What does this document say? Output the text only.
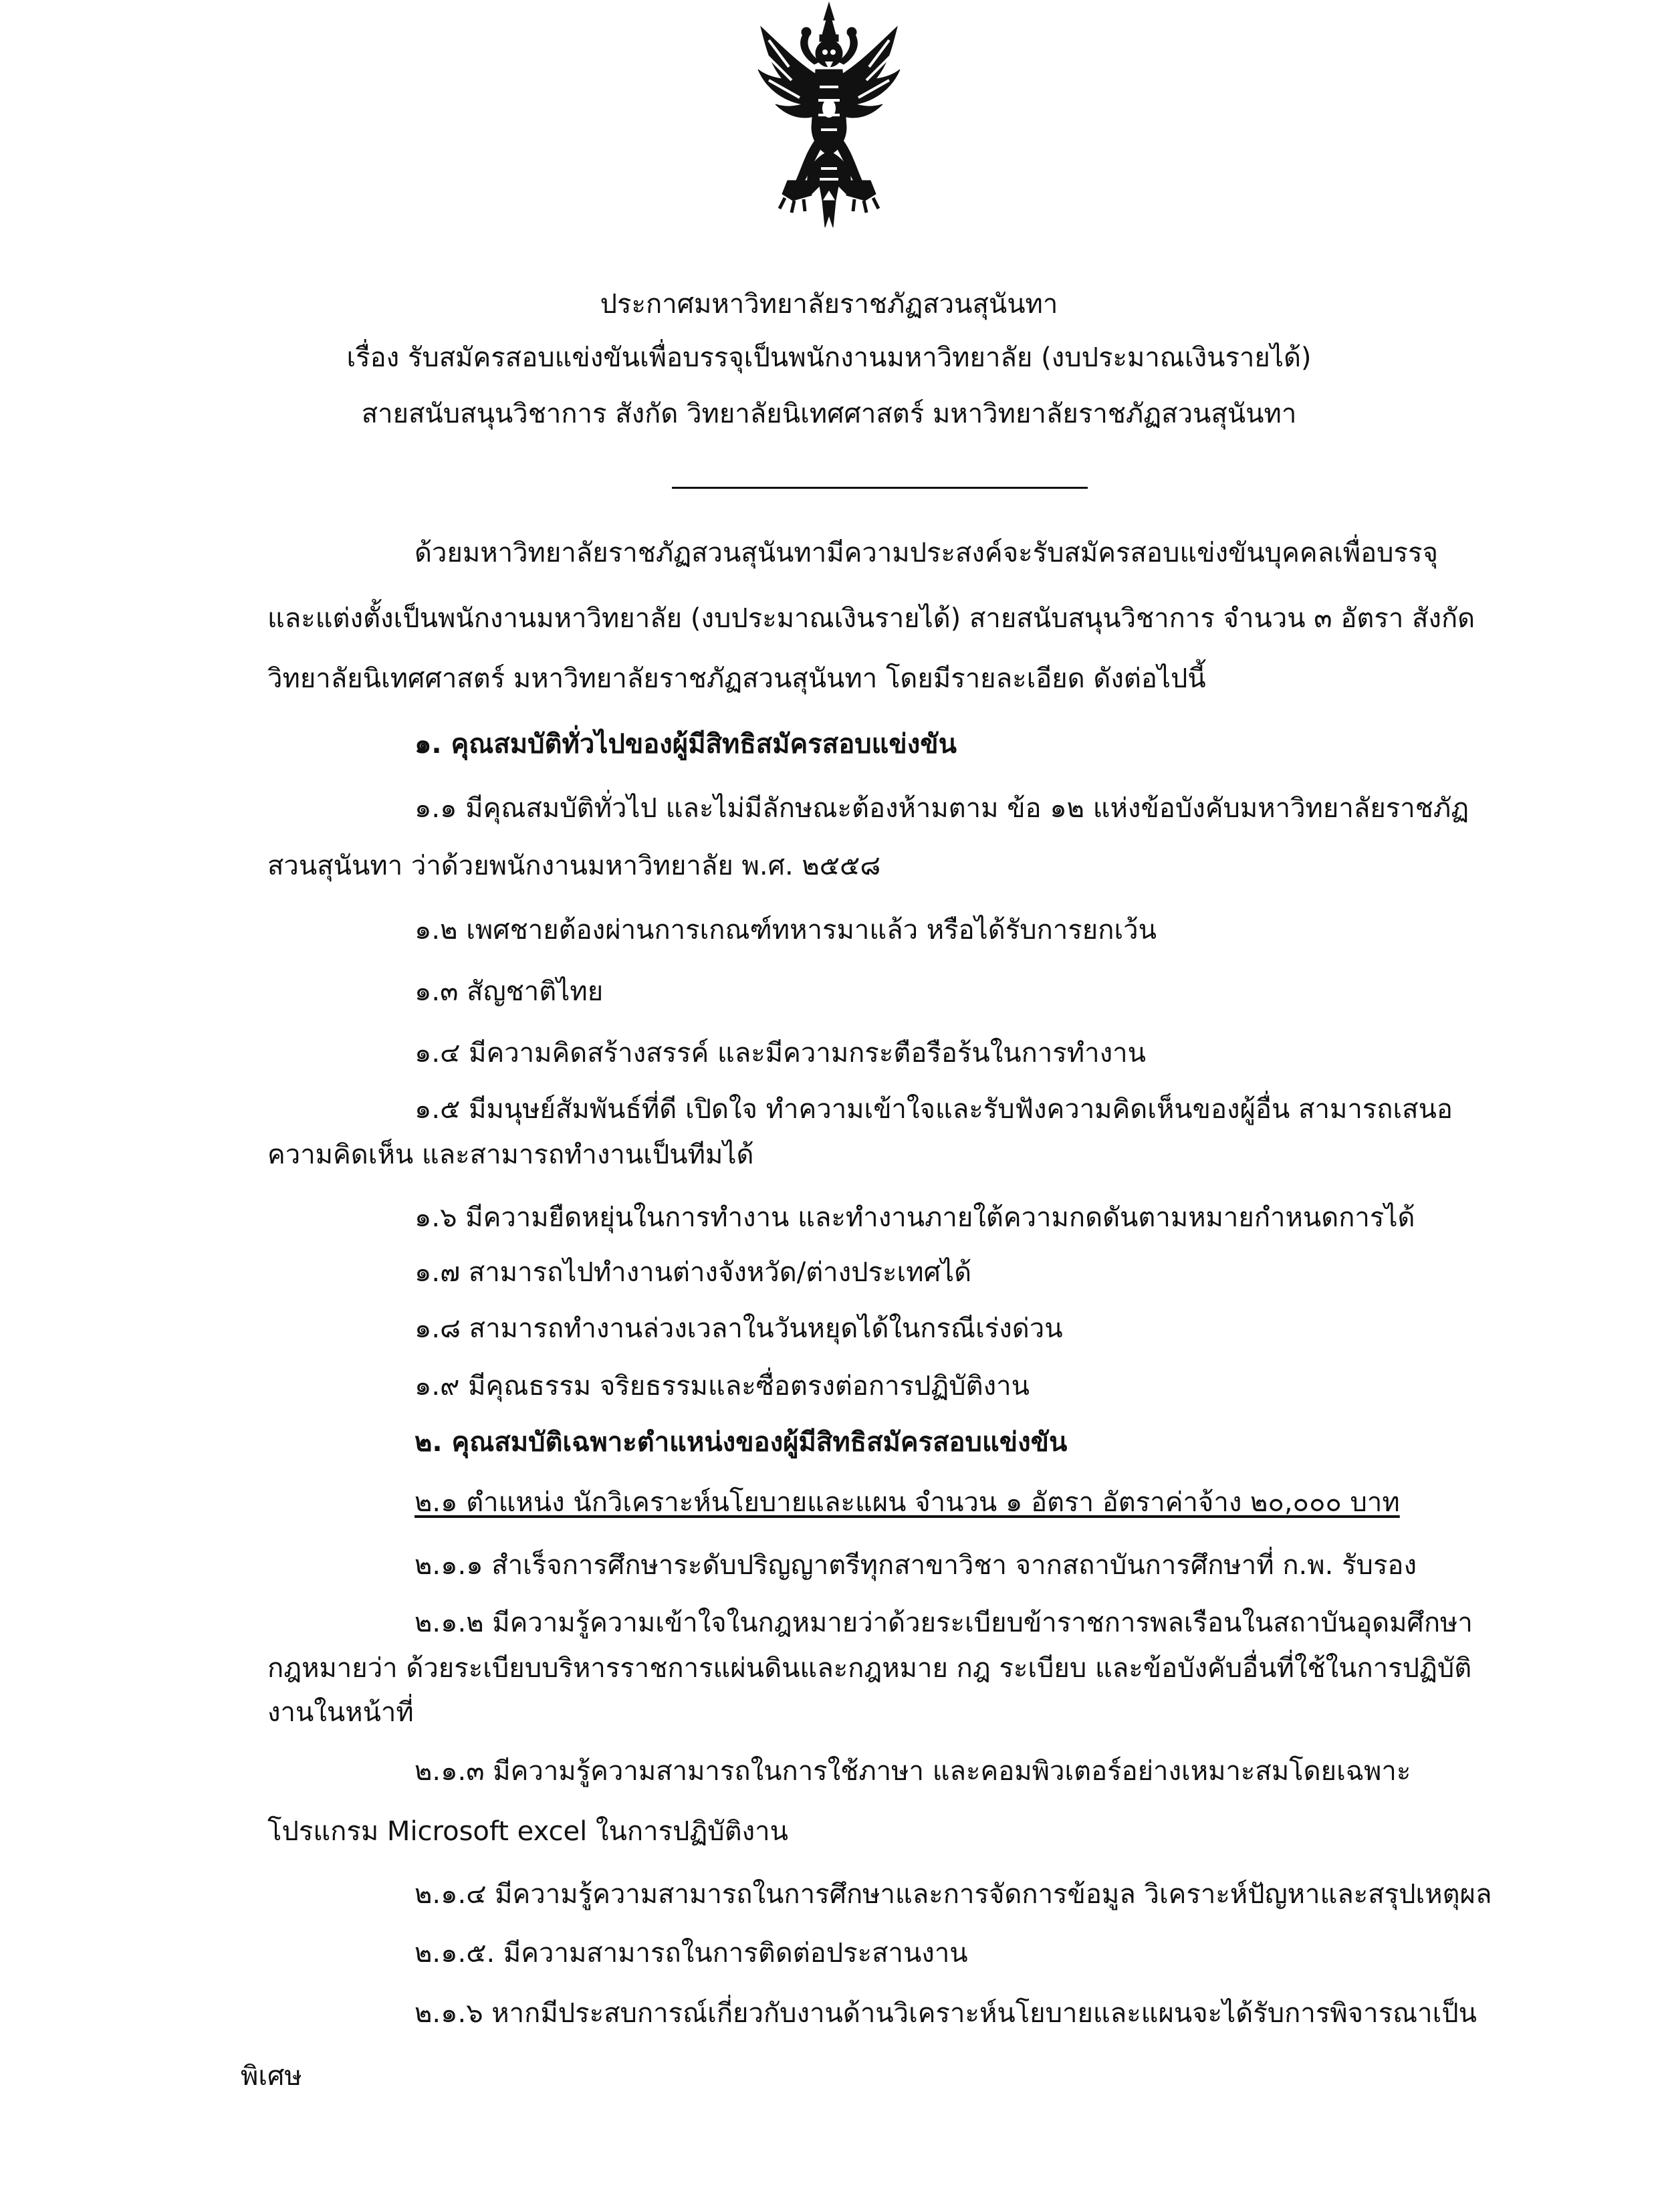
ประกาศมหาวิทยาลัยราชภัฏสวนสุนันทา
เรื่อง รับสมัครสอบแข่งขันเพื่อบรรจุเป็นพนักงานมหาวิทยาลัย (งบประมาณเงินรายได้)
สายสนับสนุนวิชาการ สังกัด วิทยาลัยนิเทศศาสตร์ มหาวิทยาลัยราชภัฏสวนสุนันทา
ด้วยมหาวิทยาลัยราชภัฏสวนสุนันทามีความประสงค์จะรับสมัครสอบแข่งขันบุคคลเพื่อบรรจุ
และแต่งตั้งเป็นพนักงานมหาวิทยาลัย (งบประมาณเงินรายได้) สายสนับสนุนวิชาการ จำนวน ๓ อัตรา สังกัด
วิทยาลัยนิเทศศาสตร์ มหาวิทยาลัยราชภัฏสวนสุนันทา โดยมีรายละเอียด ดังต่อไปนี้
๑. คุณสมบัติทั่วไปของผู้มีสิทธิสมัครสอบแข่งขัน
๑.๑ มีคุณสมบัติทั่วไป และไม่มีลักษณะต้องห้ามตาม ข้อ ๑๒ แห่งข้อบังคับมหาวิทยาลัยราชภัฏ
สวนสุนันทา ว่าด้วยพนักงานมหาวิทยาลัย พ.ศ. ๒๕๕๘
๑.๒ เพศชายต้องผ่านการเกณฑ์ทหารมาแล้ว หรือได้รับการยกเว้น
๑.๓ สัญชาติไทย
๑.๔ มีความคิดสร้างสรรค์ และมีความกระตือรือร้นในการทำงาน
๑.๕ มีมนุษย์สัมพันธ์ที่ดี เปิดใจ ทำความเข้าใจและรับฟังความคิดเห็นของผู้อื่น สามารถเสนอ
ความคิดเห็น และสามารถทำงานเป็นทีมได้
๑.๖ มีความยืดหยุ่นในการทำงาน และทำงานภายใต้ความกดดันตามหมายกำหนดการได้
๑.๗ สามารถไปทำงานต่างจังหวัด/ต่างประเทศได้
๑.๘ สามารถทำงานล่วงเวลาในวันหยุดได้ในกรณีเร่งด่วน
๑.๙ มีคุณธรรม จริยธรรมและซื่อตรงต่อการปฏิบัติงาน
๒. คุณสมบัติเฉพาะตำแหน่งของผู้มีสิทธิสมัครสอบแข่งขัน
๒.๑ ตำแหน่ง นักวิเคราะห์นโยบายและแผน จำนวน ๑ อัตรา อัตราค่าจ้าง ๒๐,๐๐๐ บาท
๒.๑.๑ สำเร็จการศึกษาระดับปริญญาตรีทุกสาขาวิชา จากสถาบันการศึกษาที่ ก.พ. รับรอง
๒.๑.๒ มีความรู้ความเข้าใจในกฎหมายว่าด้วยระเบียบข้าราชการพลเรือนในสถาบันอุดมศึกษา
กฎหมายว่า ด้วยระเบียบบริหารราชการแผ่นดินและกฎหมาย กฎ ระเบียบ และข้อบังคับอื่นที่ใช้ในการปฏิบัติ
งานในหน้าที่
๒.๑.๓ มีความรู้ความสามารถในการใช้ภาษา และคอมพิวเตอร์อย่างเหมาะสมโดยเฉพาะ
โปรแกรม Microsoft excel ในการปฏิบัติงาน
๒.๑.๔ มีความรู้ความสามารถในการศึกษาและการจัดการข้อมูล วิเคราะห์ปัญหาและสรุปเหตุผล
๒.๑.๕. มีความสามารถในการติดต่อประสานงาน
๒.๑.๖ หากมีประสบการณ์เกี่ยวกับงานด้านวิเคราะห์นโยบายและแผนจะได้รับการพิจารณาเป็น
พิเศษ
